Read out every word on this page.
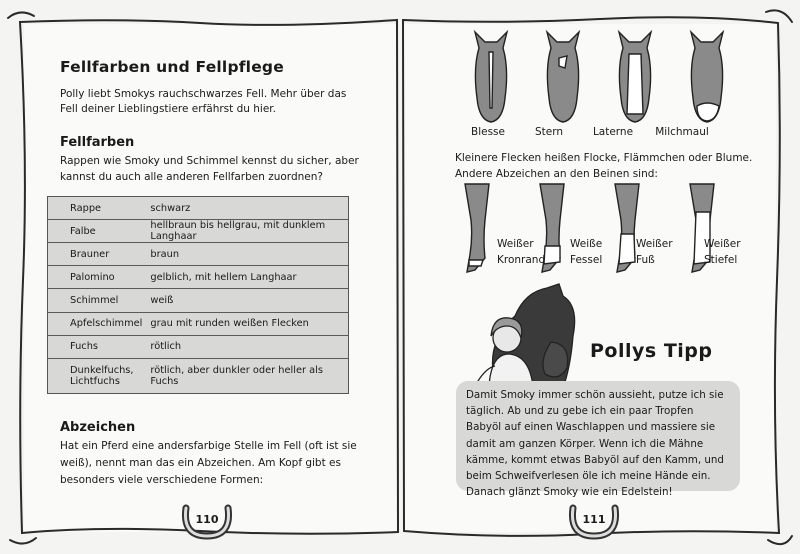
Fellfarben und Fellpflege
Polly liebt Smokys rauchschwarzes Fell. Mehr über das Fell deiner Lieblingstiere erfährst du hier.
Fellfarben
Rappen wie Smoky und Schimmel kennst du sicher, aber kannst du auch alle anderen Fellfarben zuordnen?
Rappe	schwarz
Falbe	hellbraun bis hellgrau, mit dunklem Langhaar
Brauner	braun
Palomino	gelblich, mit hellem Langhaar
Schimmel	weiß
Apfelschimmel	grau mit runden weißen Flecken
Fuchs	rötlich
Dunkelfuchs, Lichtfuchs	rötlich, aber dunkler oder heller als Fuchs
Abzeichen
Hat ein Pferd eine andersfarbige Stelle im Fell (oft ist sie weiß), nennt man das ein Abzeichen. Am Kopf gibt es besonders viele verschiedene Formen:
110
Blesse	Stern	Laterne	Milchmaul
Kleinere Flecken heißen Flocke, Flämmchen oder Blume.
Andere Abzeichen an den Beinen sind:
Weißer
Kronrand
Weiße
Fessel
Weißer
Fuß
Weißer
Stiefel
Pollys Tipp
Damit Smoky immer schön aussieht, putze ich sie täglich. Ab und zu gebe ich ein paar Tropfen Babyöl auf einen Waschlappen und massiere sie damit am ganzen Körper. Wenn ich die Mähne kämme, kommt etwas Babyöl auf den Kamm, und beim Schweifverlesen öle ich meine Hände ein. Danach glänzt Smoky wie ein Edelstein!
111
